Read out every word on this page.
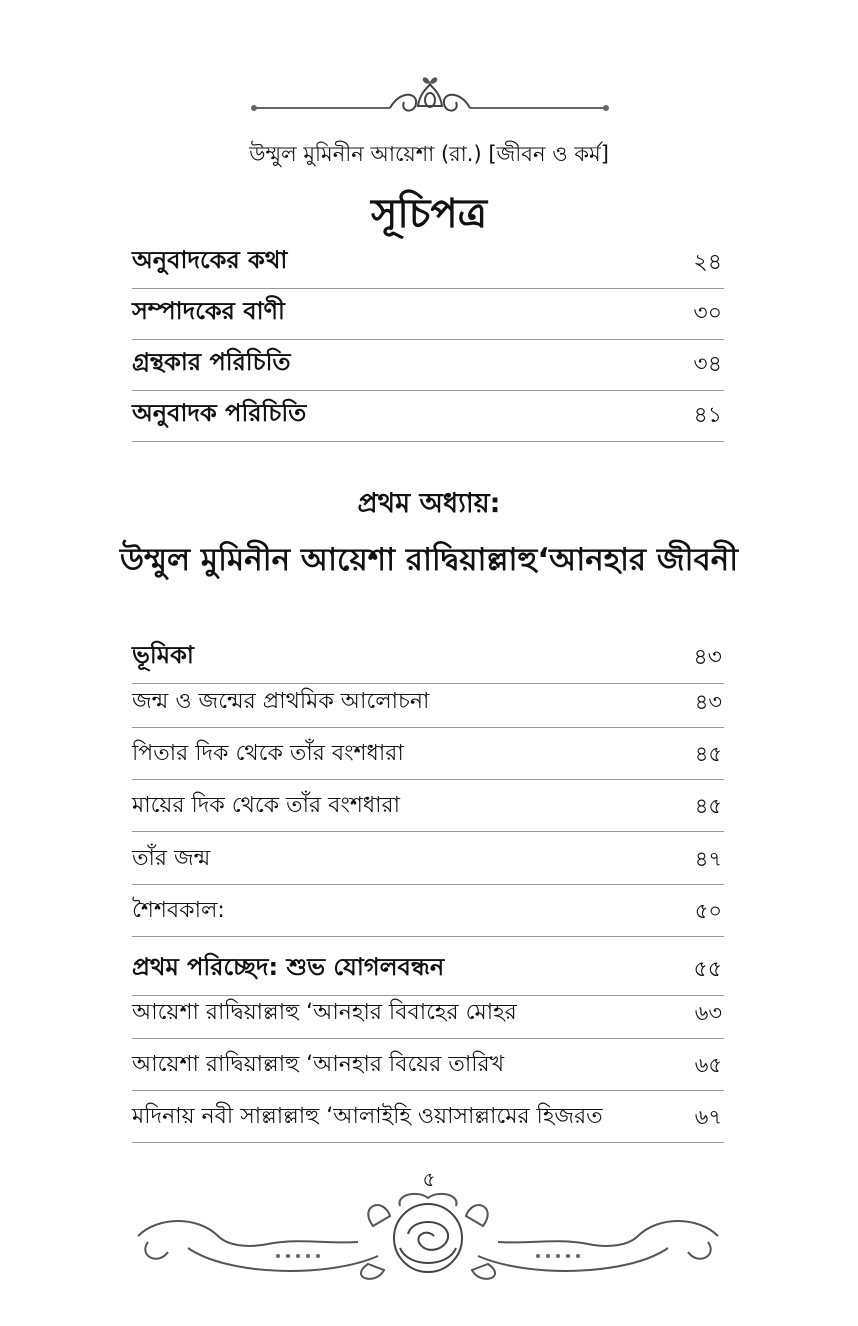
উম্মুল মুমিনীন আয়েশা (রা.) [জীবন ও কর্ম]
সূচিপত্র
অনুবাদকের কথা	২৪
সম্পাদকের বাণী	৩০
গ্রন্থকার পরিচিতি	৩৪
অনুবাদক পরিচিতি	৪১
প্রথম অধ্যায়:
উম্মুল মুমিনীন আয়েশা রাদ্বিয়াল্লাহু‘আনহার জীবনী
ভূমিকা	৪৩
জন্ম ও জন্মের প্রাথমিক আলোচনা	৪৩
পিতার দিক থেকে তাঁর বংশধারা	৪৫
মায়ের দিক থেকে তাঁর বংশধারা	৪৫
তাঁর জন্ম	৪৭
শৈশবকাল:	৫০
প্রথম পরিচ্ছেদ: শুভ যোগলবন্ধন	৫৫
আয়েশা রাদ্বিয়াল্লাহু ‘আনহার বিবাহের মোহর	৬৩
আয়েশা রাদ্বিয়াল্লাহু ‘আনহার বিয়ের তারিখ	৬৫
মদিনায় নবী সাল্লাল্লাহু ‘আলাইহি ওয়াসাল্লামের হিজরত	৬৭
৫
